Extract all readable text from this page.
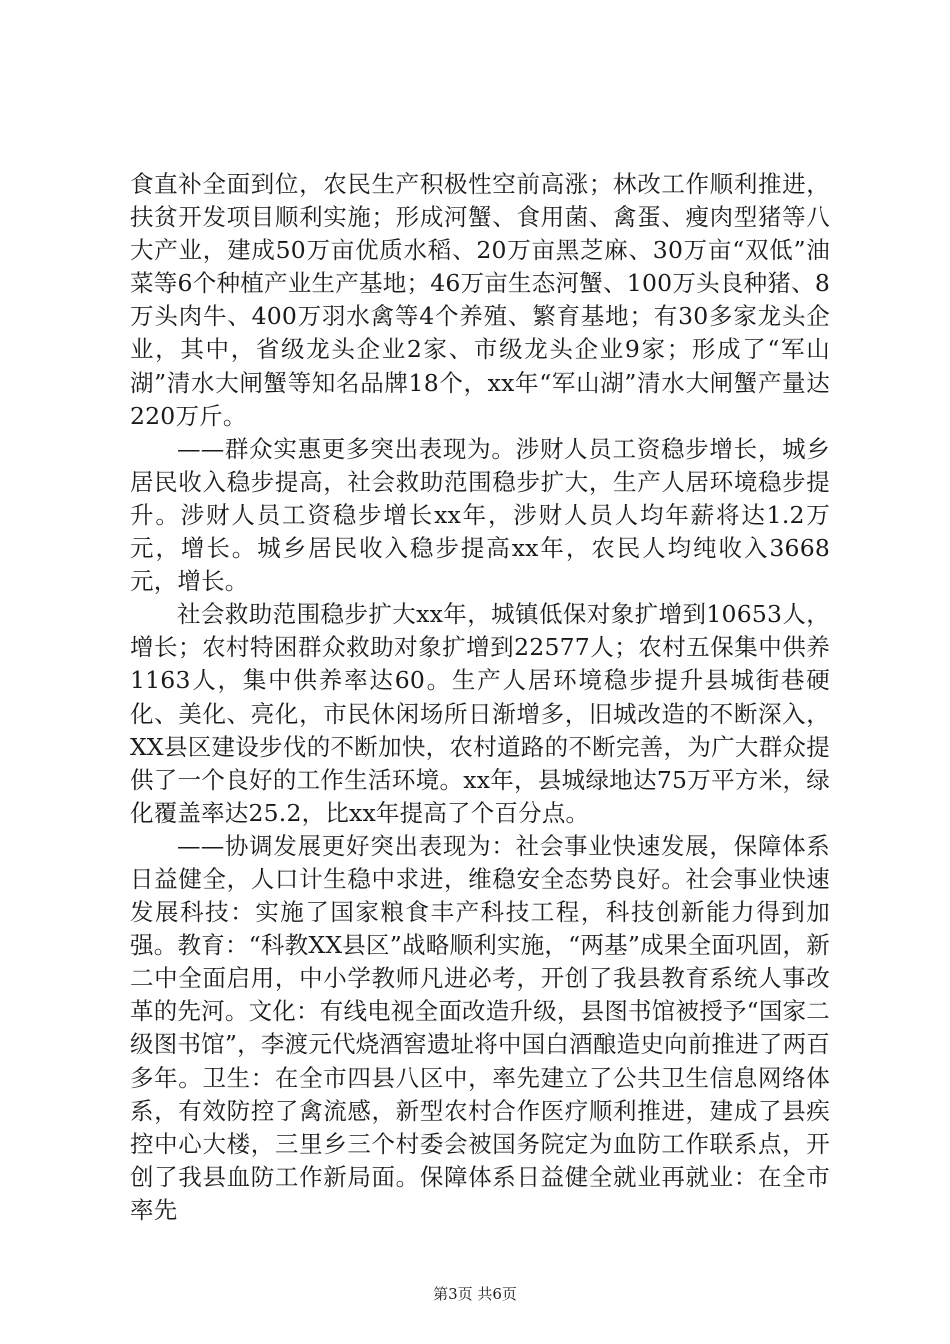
食直补全面到位，农民生产积极性空前高涨；林改工作顺利推进，扶贫开发项目顺利实施；形成河蟹、食用菌、禽蛋、瘦肉型猪等八大产业，建成50万亩优质水稻、20万亩黑芝麻、30万亩“双低”油菜等6个种植产业生产基地；46万亩生态河蟹、100万头良种猪、8万头肉牛、400万羽水禽等4个养殖、繁育基地；有30多家龙头企业，其中，省级龙头企业2家、市级龙头企业9家；形成了“军山湖”清水大闸蟹等知名品牌18个，xx年“军山湖”清水大闸蟹产量达220万斤。

——群众实惠更多突出表现为。涉财人员工资稳步增长，城乡居民收入稳步提高，社会救助范围稳步扩大，生产人居环境稳步提升。涉财人员工资稳步增长xx年，涉财人员人均年薪将达1.2万元，增长。城乡居民收入稳步提高xx年，农民人均纯收入3668元，增长。

社会救助范围稳步扩大xx年，城镇低保对象扩增到10653人，增长；农村特困群众救助对象扩增到22577人；农村五保集中供养1163人，集中供养率达60。生产人居环境稳步提升县城街巷硬化、美化、亮化，市民休闲场所日渐增多，旧城改造的不断深入，XX县区建设步伐的不断加快，农村道路的不断完善，为广大群众提供了一个良好的工作生活环境。xx年，县城绿地达75万平方米，绿化覆盖率达25.2，比xx年提高了个百分点。

——协调发展更好突出表现为：社会事业快速发展，保障体系日益健全，人口计生稳中求进，维稳安全态势良好。社会事业快速发展科技：实施了国家粮食丰产科技工程，科技创新能力得到加强。教育：“科教XX县区”战略顺利实施，“两基”成果全面巩固，新二中全面启用，中小学教师凡进必考，开创了我县教育系统人事改革的先河。文化：有线电视全面改造升级，县图书馆被授予“国家二级图书馆”，李渡元代烧酒窖遗址将中国白酒酿造史向前推进了两百多年。卫生：在全市四县八区中，率先建立了公共卫生信息网络体系，有效防控了禽流感，新型农村合作医疗顺利推进，建成了县疾控中心大楼，三里乡三个村委会被国务院定为血防工作联系点，开创了我县血防工作新局面。保障体系日益健全就业再就业：在全市率先

第3页 共6页
